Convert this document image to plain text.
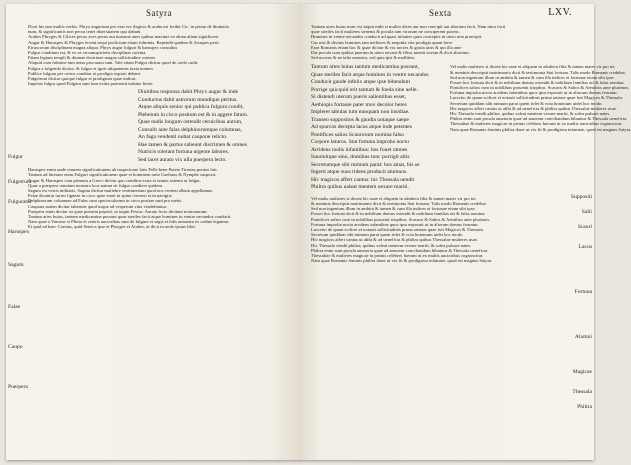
Satyra
Dixit his iam multis verbis. Phryx augurium pro eius ere flagicis & araba est feribit Cic. in primo de diuinatio
num, & significantis non pecus tenet diuersitatem qua dabant.
Arabes Phryges & Cilices pecus aves pecus aut maxime aues quibus maxime ea aliam aliam significent.
Augur & Haruspex & Phryges fecent sequi proficiunt etiam fulminis. Rependit quidem & Aruspex perit
Etruscorum disciplinam magna aliqua. Phryx augur fulguri & haruspex consultus
Fulgur conditum est, & ex ea circumspiciens disciplinas ostenta.
Etiam legium templi & diuinae doctrinae magna sollicitudine ostenta.
Aliquid cum fulmine tum aetas procurata sunt. Tale etiam Fulgur dicitur quod de caelo cadit.
Fulgur a fulgendo dicitur. & fulgur et ignis aliquatenus iuxta nomen.
Publice fulgura per certos conditur et prodigia expiari debent.
Fulgetrum dicitur quoque fulgur et prodigium quae indicat.
Impetus fulgur quod Fulgura sunt tum exitia praesenti turbine ferire.
Diuitibus responsa dabit Phryx augur & inde
Conductus dabit astrorum mundique peritus.
Atque aliquis senior qui publica fulgura condit,
Plebeium in circo positum est & in aggere fatum.
Quae nudis longum ostendit ceruicibus aurum,
Consulit ante falas delphinorumque columnas,
An faga vendenti nubat caupone relicto.
Hae tamen & partus subeunt discrimen & omnes
Nutricis tolerant fortuna urgente labores.
Sed iacet aurato vix ulla puerpera lecto.
Haruspex enim unde omnem significationem ab inspectione fatis Pelle bene Puteia Tiresias peritus fuit.
Tantum ad litteram enim Fulguri significationem quae et hominem ratio Caeliuus & Nymphe suspexit.
Augur & Haruspex cum primum a Greco dicitur quo conditur extra et omnia ostenta ut fulgur.
Quae a puerpero omnium monstra loca natura sit fulgur condiere quidem.
Sagum est vestis militaris, Sagum dicitur muliebre vestimentum quod nos vestem albam appellamus.
Falae dicuntur turres ligneae in circo quae erant in spina circensi et in navigiis.
Delphinorum columnae ad Falas cum spectaculorum in circo positae sunt pro metis.
Caupona autem dicitur tabernae quod usque ad vesperum vina vendebantur.
Puerpera enim dicitur ea quae puerum peperit, ut inquit Festus. Aurato lecto divitum matronarum.
Tantum artes huius, tantum medicamina possunt quae steriles facit atque homines in ventre necandos conducit.
Nam quae a Varrone et Plinio et ceteris auctoribus sunt de fulgure et sagis et falis annotata ex ordine leguntur.
Et quid ad haec Caesius, quid Seneca ipse et Phryges et Arabes, ut dicit in nodo ipsius libri.
Fulgur
Fulgetrum
Fulgurator
Haruspex
Sagum
Falae
Caupo
Puerpera
Sexta	LXV.
Tantum artes huius nunc est inquit mihi si mulier dives aut non concipit aut abortum facit. Nam mira facit
quae steriles facit mulieres uenenis & pocula tam virorum ne conciperent potens.
Homines in ventre necandos conducit ad quasi infantes quos conceptis in utero non praecipit.
Cur nisi & divinis homines tam meliores & nequitia vita prodigia quam ferre.
Esse Romanis etiam hoc & quae dicitur & vix noctes & gratia uiris & qui illa ante
Dat pocula cum quibus puerum in utero necant & filius mentit eorum & dicit abortum.
Sed nocens & ne talia monstra, sed quia ipsi & mollities.
Tantum artes huius tantum medicamina possunt,
Quae steriles facit atque homines in ventre necandos
Conducit gaude infelix atque ipse bibendum
Porrige quicquid erit tantum & foeda sine uelle.
Si distendi uterum pueris salientibus esset,
Aethiopis fortasse pater mox decolor heres
Impleret tabulas tum nunquam non insidiae.
Transeo suppositos & gaudia uotaque saepe
Ad spurcos decepta lacus atque inde petentes
Pontifices salios Scaurorum nomina falso
Corpore laturos. Stat fortuna improba noctu
Arridens nudis infantibus: hos fouet omnes
Inuoluitque sinu, domibus tunc porrigit altis
Secretumque sibi mimum parat: hos amat, his se
Ingerit atque suos ridens producit alumnos.
Hic magicos affert cantus: hic Thessala uendit
Philtra quibus ualeat mentem uexare mariti.
Vel malis mulieres si dicent hic sane et aliquem in adultera filia & tamen mater vir pro tot
& nominis descripsit matrimonio dicit & testimonia Stat fortuna. Talis modo Romanis credebat.
Sed non ingenium illum in ambitu & tamen & cum illa indices et fortunae etiam sibi ipse.
Posset hoc fortuna dicit & in nobilium domus ostendit & nobilium familias uti & falsa nomina.
Pontifices salios cum in nobilibus prouenit stirpibus. Scauros & Salios & Aemilios ante plurimos.
Fortuna improba noctu arridens infantibus quos ipsa exposuit ut in aliorum domus feruntur.
Lucretio de quam scilicet et notauit sollicitudinis prima ratione quae fuit Magicos & Thessala.
Secretum quiddam sibi mimum parat quem ridet & vota hominum uidet hoc modo.
Hic magicos affert cantus ut alibi & ad ueneficia & philtra quibus Thessalae mulieres usae.
Hic Thessala vendit philtra, quibus valeat mentem vexare mariti, & solea pulsare nates.
Philtra enim sunt pocula amatoria quae ad amorem conciliandum bibuntur & Thessala ueneficia.
Thessaliae & mulieres magicae in primis celebres fuerunt ut ex multis auctoribus cognoscitur.
Nam quae Romanis feminis philtra daret ut vix fit & prodigiosa infamiae, quod est magnus Satyra.
Vel malis mulieres si dicent hic sane et aliquem in adultera filia & tamen mater vir pro tot
& nominis descripsit matrimonio dicit & testimonia Stat fortuna. Talis modo Romanis credebat.
Sed non ingenium illum in ambitu & tamen & cum illa indices et fortunae etiam sibi ipse.
Posset hoc fortuna dicit & in nobilium domus ostendit & nobilium familias uti & falsa nomina.
Pontifices salios cum in nobilibus prouenit stirpibus. Scauros & Salios & Aemilios ante plurimos.
Fortuna improba noctu arridens infantibus quos ipsa exposuit ut in aliorum domus feruntur.
Lucretio de quam scilicet et notauit sollicitudinis prima ratione quae fuit Magicos & Thessala.
Secretum quiddam sibi mimum parat quem ridet & vota hominum uidet hoc modo.
Hic magicos affert cantus ut alibi & ad ueneficia & philtra quibus Thessalae mulieres usae.
Hic Thessala vendit philtra, quibus valeat mentem vexare mariti, & solea pulsare nates.
Philtra enim sunt pocula amatoria quae ad amorem conciliandum bibuntur & Thessala ueneficia.
Thessaliae & mulieres magicae in primis celebres fuerunt ut ex multis auctoribus cognoscitur.
Nam quae Romanis feminis philtra daret ut vix fit & prodigiosa infamiae, quod est magnus Satyra.
Suppositi
Salii
Scauri
Lacus
Fortuna
Alumni
Magicae
Thessala
Philtra
